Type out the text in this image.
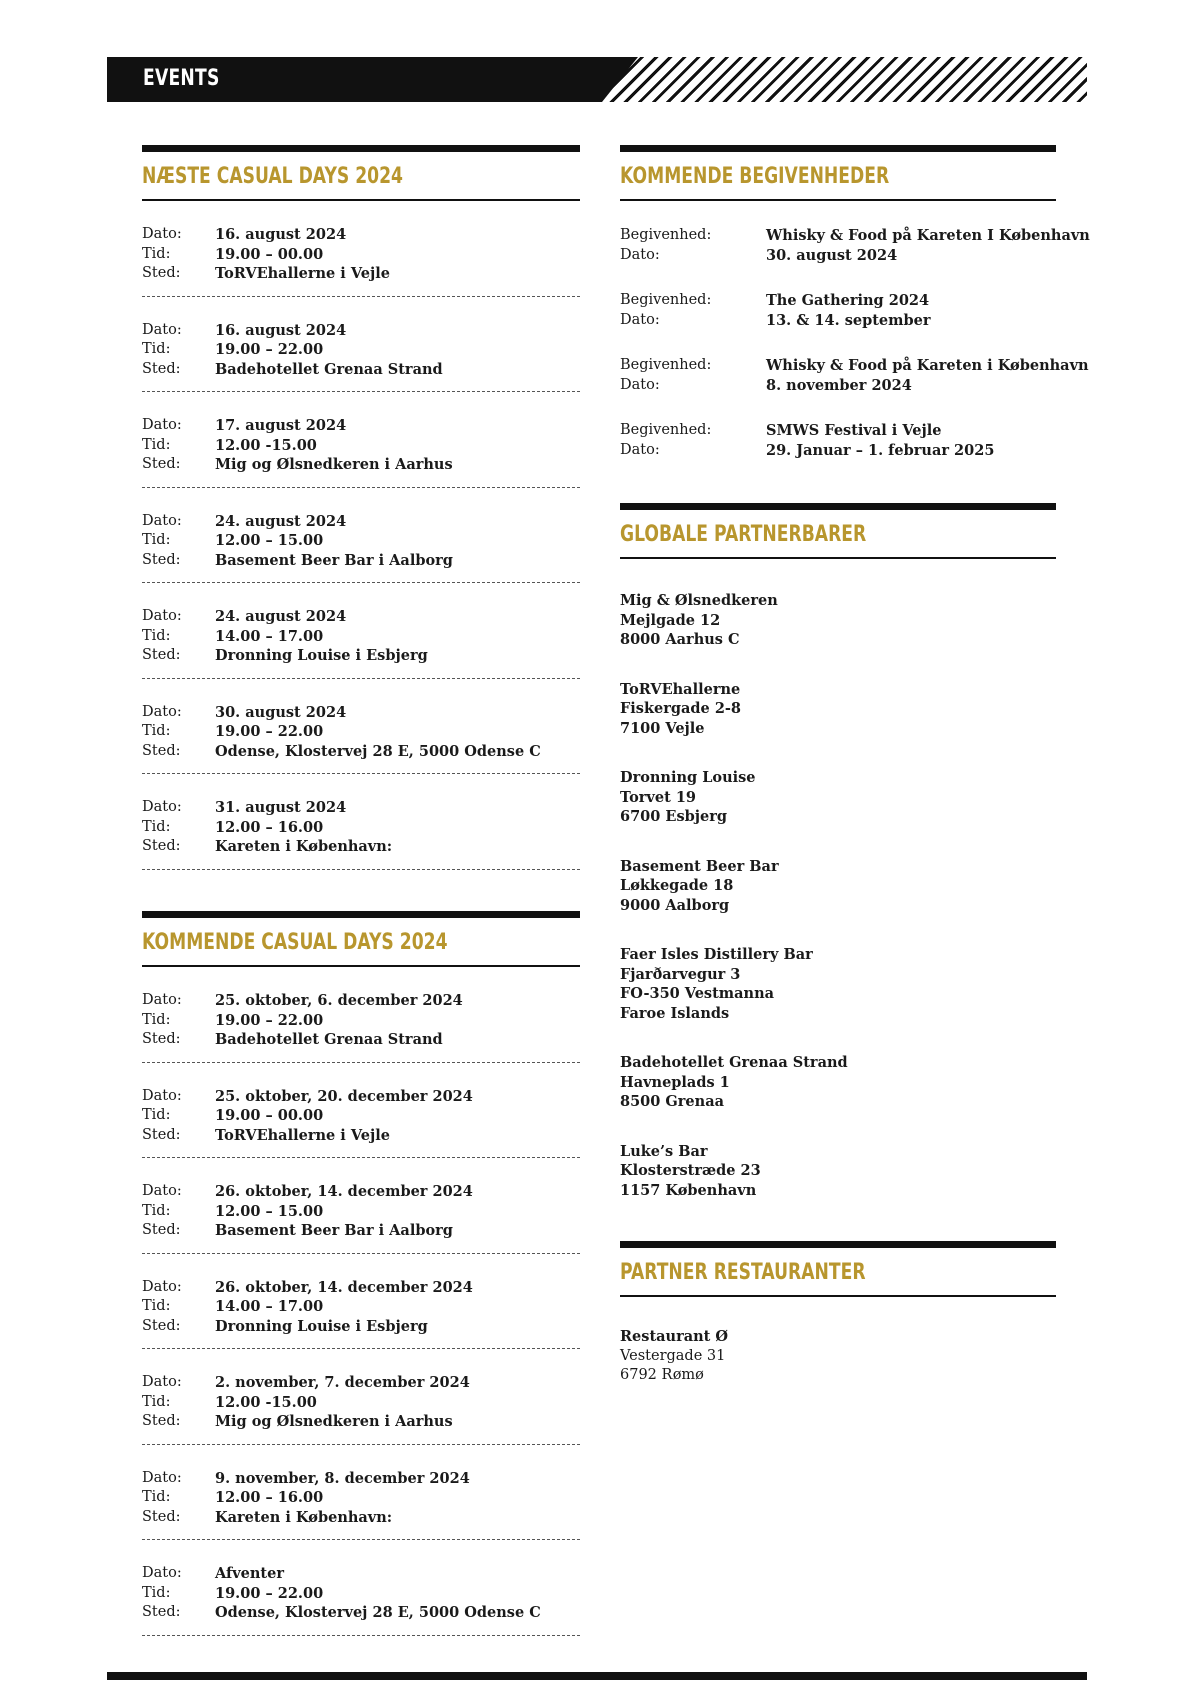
EVENTS
NÆSTE CASUAL DAYS 2024
Dato:	16. august 2024
Tid:	19.00 – 00.00
Sted:	ToRVEhallerne i Vejle
Dato:	16. august 2024
Tid:	19.00 – 22.00
Sted:	Badehotellet Grenaa Strand
Dato:	17. august 2024
Tid:	12.00 -15.00
Sted:	Mig og Ølsnedkeren i Aarhus
Dato:	24. august 2024
Tid:	12.00 – 15.00
Sted:	Basement Beer Bar i Aalborg
Dato:	24. august 2024
Tid:	14.00 – 17.00
Sted:	Dronning Louise i Esbjerg
Dato:	30. august 2024
Tid:	19.00 – 22.00
Sted:	Odense, Klostervej 28 E, 5000 Odense C
Dato:	31. august 2024
Tid:	12.00 – 16.00
Sted:	Kareten i København:
KOMMENDE CASUAL DAYS 2024
Dato:	25. oktober, 6. december 2024
Tid:	19.00 – 22.00
Sted:	Badehotellet Grenaa Strand
Dato:	25. oktober, 20. december 2024
Tid:	19.00 – 00.00
Sted:	ToRVEhallerne i Vejle
Dato:	26. oktober, 14. december 2024
Tid:	12.00 – 15.00
Sted:	Basement Beer Bar i Aalborg
Dato:	26. oktober, 14. december 2024
Tid:	14.00 – 17.00
Sted:	Dronning Louise i Esbjerg
Dato:	2. november, 7. december 2024
Tid:	12.00 -15.00
Sted:	Mig og Ølsnedkeren i Aarhus
Dato:	9. november, 8. december 2024
Tid:	12.00 – 16.00
Sted:	Kareten i København:
Dato:	Afventer
Tid:	19.00 – 22.00
Sted:	Odense, Klostervej 28 E, 5000 Odense C
KOMMENDE BEGIVENHEDER
Begivenhed:	Whisky & Food på Kareten I København
Dato:	30. august 2024
Begivenhed:	The Gathering 2024
Dato:	13. & 14. september
Begivenhed:	Whisky & Food på Kareten i København
Dato:	8. november 2024
Begivenhed:	SMWS Festival i Vejle
Dato:	29. Januar – 1. februar 2025
GLOBALE PARTNERBARER
Mig & Ølsnedkeren
Mejlgade 12
8000 Aarhus C
ToRVEhallerne
Fiskergade 2-8
7100 Vejle
Dronning Louise
Torvet 19
6700 Esbjerg
Basement Beer Bar
Løkkegade 18
9000 Aalborg
Faer Isles Distillery Bar
Fjarðarvegur 3
FO-350 Vestmanna
Faroe Islands
Badehotellet Grenaa Strand
Havneplads 1
8500 Grenaa
Luke’s Bar
Klosterstræde 23
1157 København
PARTNER RESTAURANTER
Restaurant Ø
Vestergade 31
6792 Rømø
